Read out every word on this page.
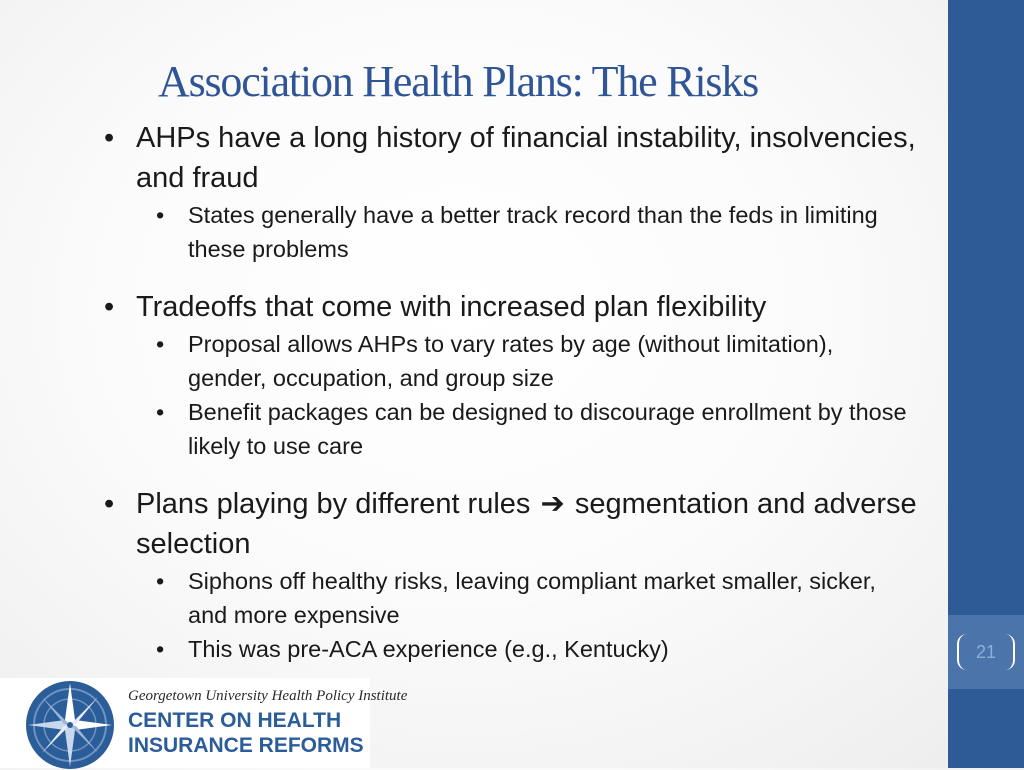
21
Association Health Plans: The Risks
• AHPs have a long history of financial instability, insolvencies, and fraud
• States generally have a better track record than the feds in limiting these problems
• Tradeoffs that come with increased plan flexibility
• Proposal allows AHPs to vary rates by age (without limitation), gender, occupation, and group size
• Benefit packages can be designed to discourage enrollment by those likely to use care
• Plans playing by different rules ➔ segmentation and adverse selection
• Siphons off healthy risks, leaving compliant market smaller, sicker, and more expensive
• This was pre-ACA experience (e.g., Kentucky)
Georgetown University Health Policy Institute
CENTER ON HEALTH
INSURANCE REFORMS
